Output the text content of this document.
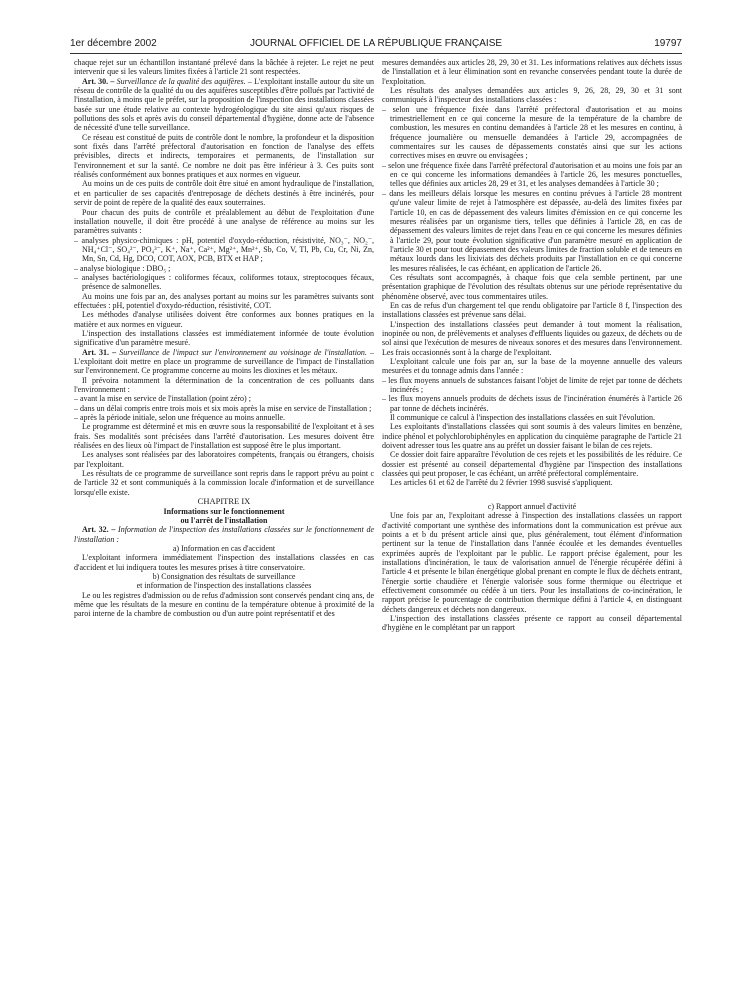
1er décembre 2002	JOURNAL OFFICIEL DE LA RÉPUBLIQUE FRANÇAISE	19797

chaque rejet sur un échantillon instantané prélevé dans la bâchée à rejeter. Le rejet ne peut intervenir que si les valeurs limites fixées à l'article 21 sont respectées.

Art. 30. – Surveillance de la qualité des aquifères. – L'exploitant installe autour du site un réseau de contrôle de la qualité du ou des aquifères susceptibles d'être pollués par l'activité de l'installation, à moins que le préfet, sur la proposition de l'inspection des installations classées basée sur une étude relative au contexte hydrogéologique du site ainsi qu'aux risques de pollutions des sols et après avis du conseil départemental d'hygiène, donne acte de l'absence de nécessité d'une telle surveillance.

Ce réseau est constitué de puits de contrôle dont le nombre, la profondeur et la disposition sont fixés dans l'arrêté préfectoral d'autorisation en fonction de l'analyse des effets prévisibles, directs et indirects, temporaires et permanents, de l'installation sur l'environnement et sur la santé. Ce nombre ne doit pas être inférieur à 3. Ces puits sont réalisés conformément aux bonnes pratiques et aux normes en vigueur.

Au moins un de ces puits de contrôle doit être situé en amont hydraulique de l'installation, et en particulier de ses capacités d'entreposage de déchets destinés à être incinérés, pour servir de point de repère de la qualité des eaux souterraines.

Pour chacun des puits de contrôle et préalablement au début de l'exploitation d'une installation nouvelle, il doit être procédé à une analyse de référence au moins sur les paramètres suivants :

– analyses physico-chimiques : pH, potentiel d'oxydo-réduction, résistivité, NO₃⁻, NO₂⁻, NH₄⁺Cl⁻, SO₄²⁻, PO₄³⁻, K⁺, Na⁺, Ca²⁺, Mg²⁺, Mn²⁺, Sb, Co, V, Tl, Pb, Cu, Cr, Ni, Zn, Mn, Sn, Cd, Hg, DCO, COT, AOX, PCB, BTX et HAP ;
– analyse biologique : DBO₅ ;
– analyses bactériologiques : coliformes fécaux, coliformes totaux, streptocoques fécaux, présence de salmonelles.

Au moins une fois par an, des analyses portant au moins sur les paramètres suivants sont effectuées : pH, potentiel d'oxydo-réduction, résistivité, COT.

Les méthodes d'analyse utilisées doivent être conformes aux bonnes pratiques en la matière et aux normes en vigueur.

L'inspection des installations classées est immédiatement informée de toute évolution significative d'un paramètre mesuré.

Art. 31. – Surveillance de l'impact sur l'environnement au voisinage de l'installation. – L'exploitant doit mettre en place un programme de surveillance de l'impact de l'installation sur l'environnement. Ce programme concerne au moins les dioxines et les métaux.

Il prévoira notamment la détermination de la concentration de ces polluants dans l'environnement :

– avant la mise en service de l'installation (point zéro) ;
– dans un délai compris entre trois mois et six mois après la mise en service de l'installation ;
– après la période initiale, selon une fréquence au moins annuelle.

Le programme est déterminé et mis en œuvre sous la responsabilité de l'exploitant et à ses frais. Ses modalités sont précisées dans l'arrêté d'autorisation. Les mesures doivent être réalisées en des lieux où l'impact de l'installation est supposé être le plus important.

Les analyses sont réalisées par des laboratoires compétents, français ou étrangers, choisis par l'exploitant.

Les résultats de ce programme de surveillance sont repris dans le rapport prévu au point c de l'article 32 et sont communiqués à la commission locale d'information et de surveillance lorsqu'elle existe.

CHAPITRE IX

Informations sur le fonctionnement
ou l'arrêt de l'installation

Art. 32. – Information de l'inspection des installations classées sur le fonctionnement de l'installation :

a) Information en cas d'accident

L'exploitant informera immédiatement l'inspection des installations classées en cas d'accident et lui indiquera toutes les mesures prises à titre conservatoire.

b) Consignation des résultats de surveillance
et information de l'inspection des installations classées

Le ou les registres d'admission ou de refus d'admission sont conservés pendant cinq ans, de même que les résultats de la mesure en continu de la température obtenue à proximité de la paroi interne de la chambre de combustion ou d'un autre point représentatif et des

mesures demandées aux articles 28, 29, 30 et 31. Les informations relatives aux déchets issus de l'installation et à leur élimination sont en revanche conservées pendant toute la durée de l'exploitation.

Les résultats des analyses demandées aux articles 9, 26, 28, 29, 30 et 31 sont communiqués à l'inspecteur des installations classées :

– selon une fréquence fixée dans l'arrêté préfectoral d'autorisation et au moins trimestriellement en ce qui concerne la mesure de la température de la chambre de combustion, les mesures en continu demandées à l'article 28 et les mesures en continu, à fréquence journalière ou mensuelle demandées à l'article 29, accompagnées de commentaires sur les causes de dépassements constatés ainsi que sur les actions correctives mises en œuvre ou envisagées ;
– selon une fréquence fixée dans l'arrêté préfectoral d'autorisation et au moins une fois par an en ce qui concerne les informations demandées à l'article 26, les mesures ponctuelles, telles que définies aux articles 28, 29 et 31, et les analyses demandées à l'article 30 ;
– dans les meilleurs délais lorsque les mesures en continu prévues à l'article 28 montrent qu'une valeur limite de rejet à l'atmosphère est dépassée, au-delà des limites fixées par l'article 10, en cas de dépassement des valeurs limites d'émission en ce qui concerne les mesures réalisées par un organisme tiers, telles que définies à l'article 28, en cas de dépassement des valeurs limites de rejet dans l'eau en ce qui concerne les mesures définies à l'article 29, pour toute évolution significative d'un paramètre mesuré en application de l'article 30 et pour tout dépassement des valeurs limites de fraction soluble et de teneurs en métaux lourds dans les lixiviats des déchets produits par l'installation en ce qui concerne les mesures réalisées, le cas échéant, en application de l'article 26.

Ces résultats sont accompagnés, à chaque fois que cela semble pertinent, par une présentation graphique de l'évolution des résultats obtenus sur une période représentative du phénomène observé, avec tous commentaires utiles.

En cas de refus d'un chargement tel que rendu obligatoire par l'article 8 f, l'inspection des installations classées est prévenue sans délai.

L'inspection des installations classées peut demander à tout moment la réalisation, inopinée ou non, de prélèvements et analyses d'effluents liquides ou gazeux, de déchets ou de sol ainsi que l'exécution de mesures de niveaux sonores et des mesures dans l'environnement. Les frais occasionnés sont à la charge de l'exploitant.

L'exploitant calcule une fois par an, sur la base de la moyenne annuelle des valeurs mesurées et du tonnage admis dans l'année :

– les flux moyens annuels de substances faisant l'objet de limite de rejet par tonne de déchets incinérés ;
– les flux moyens annuels produits de déchets issus de l'incinération énumérés à l'article 26 par tonne de déchets incinérés.

Il communique ce calcul à l'inspection des installations classées en suit l'évolution.

Les exploitants d'installations classées qui sont soumis à des valeurs limites en benzène, indice phénol et polychlorobiphényles en application du cinquième paragraphe de l'article 21 doivent adresser tous les quatre ans au préfet un dossier faisant le bilan de ces rejets.

Ce dossier doit faire apparaître l'évolution de ces rejets et les possibilités de les réduire. Ce dossier est présenté au conseil départemental d'hygiène par l'inspection des installations classées qui peut proposer, le cas échéant, un arrêté préfectoral complémentaire.

Les articles 61 et 62 de l'arrêté du 2 février 1998 susvisé s'appliquent.

c) Rapport annuel d'activité

Une fois par an, l'exploitant adresse à l'inspection des installations classées un rapport d'activité comportant une synthèse des informations dont la communication est prévue aux points a et b du présent article ainsi que, plus généralement, tout élément d'information pertinent sur la tenue de l'installation dans l'année écoulée et les demandes éventuelles exprimées auprès de l'exploitant par le public. Le rapport précise également, pour les installations d'incinération, le taux de valorisation annuel de l'énergie récupérée défini à l'article 4 et présente le bilan énergétique global prenant en compte le flux de déchets entrant, l'énergie sortie chaudière et l'énergie valorisée sous forme thermique ou électrique et effectivement consommée ou cédée à un tiers. Pour les installations de co-incinération, le rapport précise le pourcentage de contribution thermique défini à l'article 4, en distinguant déchets dangereux et déchets non dangereux.

L'inspection des installations classées présente ce rapport au conseil départemental d'hygiène en le complétant par un rapport
